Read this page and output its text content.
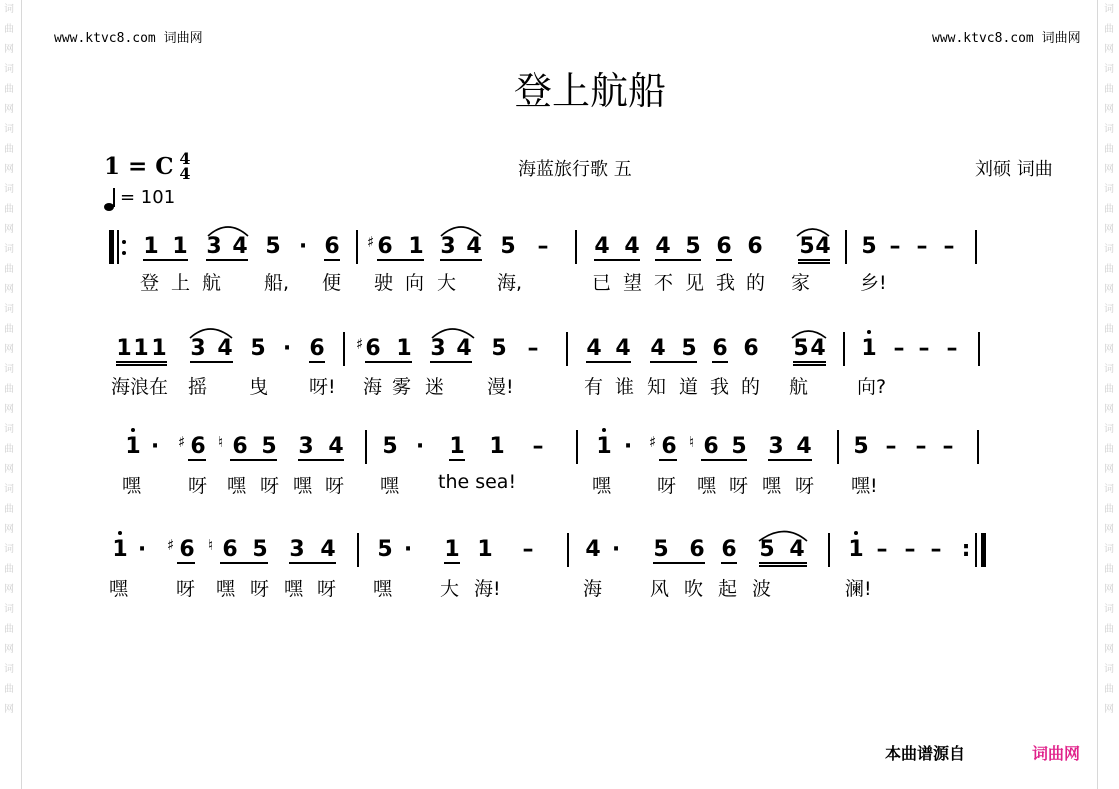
词
曲
网
词
曲
网
词
曲
网
词
曲
网
词
曲
网
词
曲
网
词
曲
网
词
曲
网
词
曲
网
词
曲
网
词
曲
网
词
曲
网
词
曲
网
词
曲
网
词
曲
网
词
曲
网
词
曲
网
词
曲
网
词
曲
网
词
曲
网
词
曲
网
词
曲
网
词
曲
网
词
曲
网
www.ktvc8.com 词曲网	www.ktvc8.com 词曲网
登上航船
1 = C 4
4
= 101
海蓝旅行歌 五	刘硕 词曲
1 1 3 4 5 · 6 6 1 3 4 5 – 4 4 4 5 6 6 5 4 5 – – –
♯
1 1 1 3 4 5 · 6 6 1 3 4 5 – 4 4 4 5 6 6 5 4 1 – – –
♯
1 · 6 6 5 3 4 5 · 1 1 – 1 · 6 6 5 3 4 5 – – –
♯ ♮	♯ ♮
1 · 6 6 5 3 4 5 · 1 1 – 4 · 5 6 6 5 4 1 – – – :
♯ ♮
登 上 航 船, 便 驶 向 大 海,	已 望 不 见 我 的 家	乡!
海浪在 摇 曳 呀! 海 雾 迷 漫!	有 谁 知 道 我 的 航	向?
嘿 呀 嘿 呀 嘿 呀 嘿 the sea!	嘿 呀 嘿 呀 嘿 呀 嘿!
嘿	呀 嘿 呀 嘿 呀 嘿	大 海!	海	风 吹 起 波	澜!
本曲谱源自	词曲网
